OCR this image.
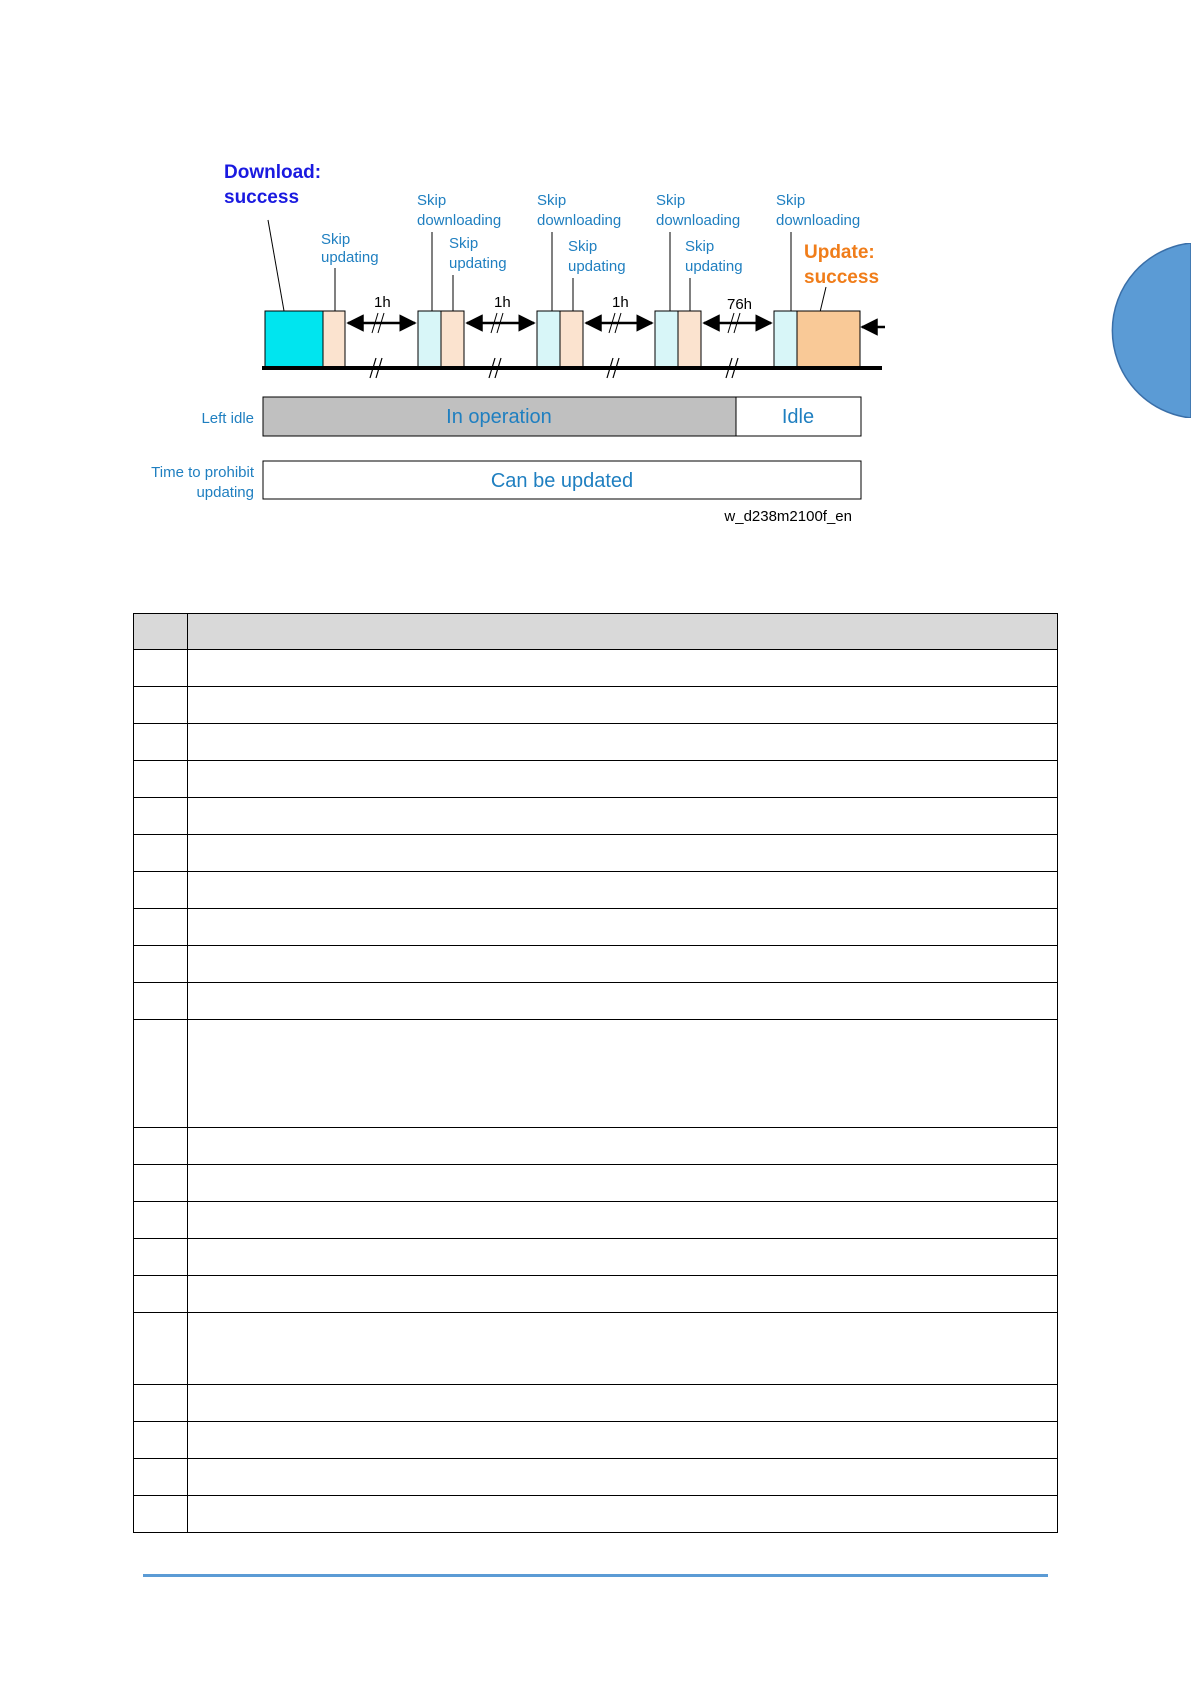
Download:
success
Skip
updating
Skip
downloading
Skip
updating
Skip
downloading
Skip
updating
Skip
downloading
Skip
updating
Skip
downloading
Update:
success
1h	1h	1h	76h
Left idle	In operation	Idle
Time to prohibit
updating
Can be updated
w_d238m2100f_en
